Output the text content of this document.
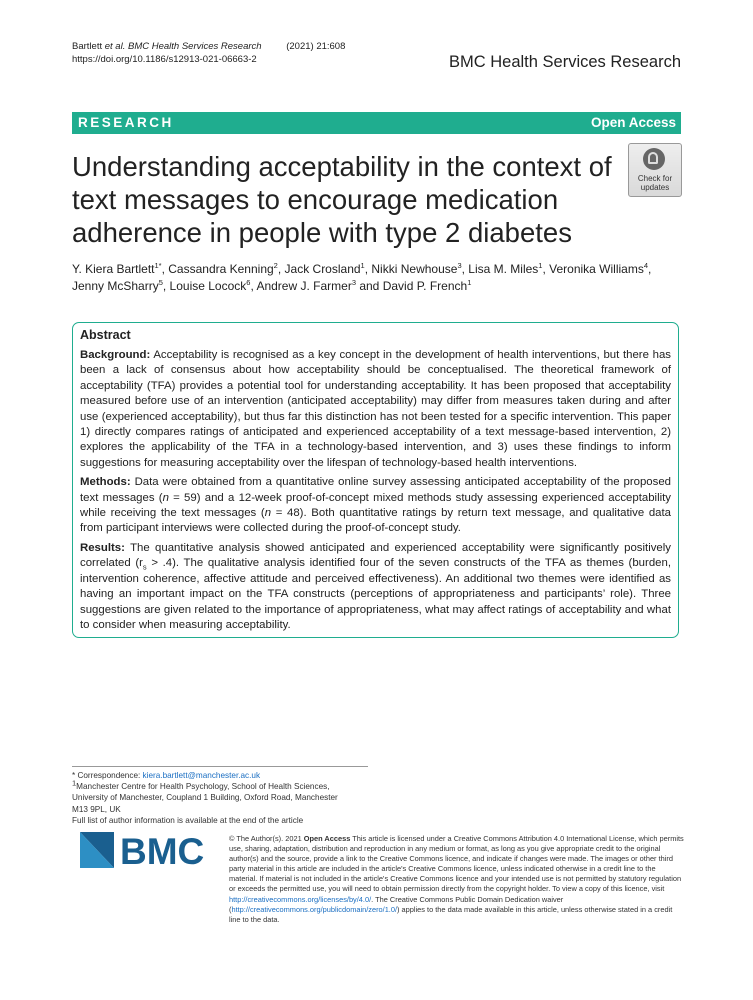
Bartlett et al. BMC Health Services Research	(2021) 21:608
https://doi.org/10.1186/s12913-021-06663-2	BMC Health Services Research
RESEARCH	Open Access
Understanding acceptability in the context of text messages to encourage medication adherence in people with type 2 diabetes
Check for
updates
Y. Kiera Bartlett$^{1*}$, Cassandra Kenning$^2$, Jack Crosland$^1$, Nikki Newhouse$^3$, Lisa M. Miles$^1$, Veronika Williams$^4$, Jenny McSharry$^5$, Louise Locock$^6$, Andrew J. Farmer$^3$ and David P. French$^1$
Abstract

Background: Acceptability is recognised as a key concept in the development of health interventions, but there has been a lack of consensus about how acceptability should be conceptualised. The theoretical framework of acceptability (TFA) provides a potential tool for understanding acceptability. It has been proposed that acceptability measured before use of an intervention (anticipated acceptability) may differ from measures taken during and after use (experienced acceptability), but thus far this distinction has not been tested for a specific intervention. This paper 1) directly compares ratings of anticipated and experienced acceptability of a text message-based intervention, 2) explores the applicability of the TFA in a technology-based intervention, and 3) uses these findings to inform suggestions for measuring acceptability over the lifespan of technology-based health interventions.

Methods: Data were obtained from a quantitative online survey assessing anticipated acceptability of the proposed text messages (n = 59) and a 12-week proof-of-concept mixed methods study assessing experienced acceptability while receiving the text messages (n = 48). Both quantitative ratings by return text message, and qualitative data from participant interviews were collected during the proof-of-concept study.

Results: The quantitative analysis showed anticipated and experienced acceptability were significantly positively correlated $(r_s > .4)$. The qualitative analysis identified four of the seven constructs of the TFA as themes (burden, intervention coherence, affective attitude and perceived effectiveness). An additional two themes were identified as having an important impact on the TFA constructs (perceptions of appropriateness and participants’ role). Three suggestions are given related to the importance of appropriateness, what may affect ratings of acceptability and what to consider when measuring acceptability.

* Correspondence: kiera.bartlett@manchester.ac.uk
$^1$Manchester Centre for Health Psychology, School of Health Sciences,
University of Manchester, Coupland 1 Building, Oxford Road, Manchester
M13 9PL, UK
Full list of author information is available at the end of the article
BMC	© The Author(s). 2021 Open Access This article is licensed under a Creative Commons Attribution 4.0 International License, which permits use, sharing, adaptation, distribution and reproduction in any medium or format, as long as you give appropriate credit to the original author(s) and the source, provide a link to the Creative Commons licence, and indicate if changes were made. The images or other third party material in this article are included in the article's Creative Commons licence, unless indicated otherwise in a credit line to the material. If material is not included in the article's Creative Commons licence and your intended use is not permitted by statutory regulation or exceeds the permitted use, you will need to obtain permission directly from the copyright holder. To view a copy of this licence, visit http://creativecommons.org/licenses/by/4.0/. The Creative Commons Public Domain Dedication waiver (http://creativecommons.org/publicdomain/zero/1.0/) applies to the data made available in this article, unless otherwise stated in a credit line to the data.
